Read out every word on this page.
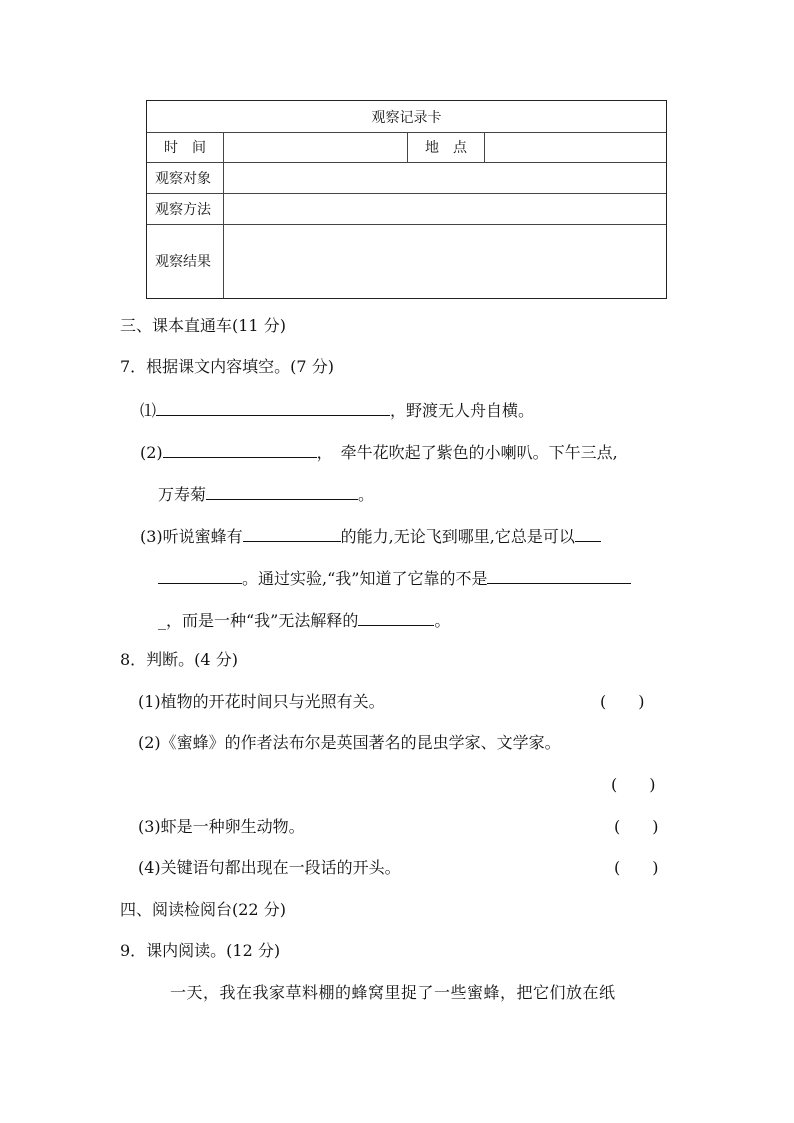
观察记录卡
时　间	地　点
观察对象
观察方法
观察结果
三、课本直通车(11 分)
7．根据课文内容填空。(7 分)
⑴	，野渡无人舟自横。
(2)	，　牵牛花吹起了紫色的小喇叭。下午三点,
万寿菊	。
(3)听说蜜蜂有	的能力,无论飞到哪里,它总是可以
。通过实验,“我”知道了它靠的不是
_，而是一种“我”无法解释的	。
8．判断。(4 分)
(1)植物的开花时间只与光照有关。	(　　)
(2)《蜜蜂》的作者法布尔是英国著名的昆虫学家、文学家。
(　　)
(3)虾是一种卵生动物。	(　　)
(4)关键语句都出现在一段话的开头。	(　　)
四、阅读检阅台(22 分)
9．课内阅读。(12 分)
一天，我在我家草料棚的蜂窝里捉了一些蜜蜂，把它们放在纸
